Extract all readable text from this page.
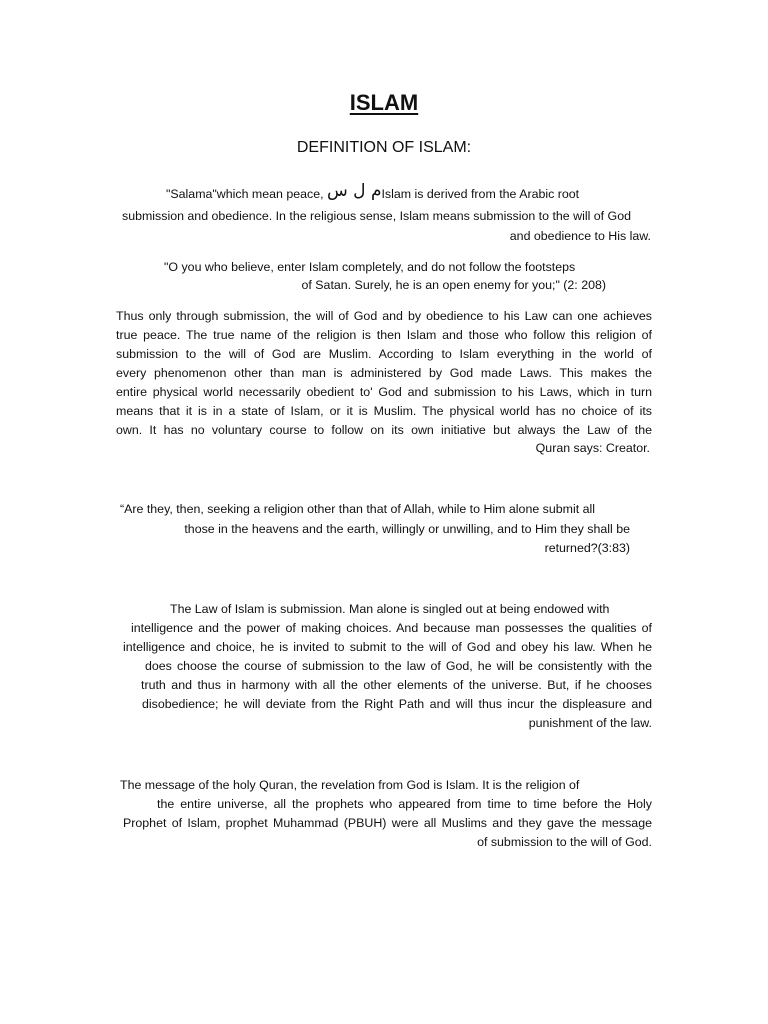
ISLAM
DEFINITION OF ISLAM:
"Salama"which mean peace, م ل سIslam is derived from the Arabic root
submission and obedience. In the religious sense, Islam means submission to the will of God
and obedience to His law.
"O you who believe, enter Islam completely, and do not follow the footsteps
of Satan. Surely, he is an open enemy for you;" (2: 208)
Thus only through submission, the will of God and by obedience to his Law can one achieves
true peace. The true name of the religion is then Islam and those who follow this religion of
submission to the will of God are Muslim. According to Islam everything in the world of
every phenomenon other than man is administered by God made Laws. This makes the
entire physical world necessarily obedient to' God and submission to his Laws, which in turn
means that it is in a state of Islam, or it is Muslim. The physical world has no choice of its
own. It has no voluntary course to follow on its own initiative but always the Law of the
Quran says: Creator.
“Are they, then, seeking a religion other than that of Allah, while to Him alone submit all
those in the heavens and the earth, willingly or unwilling, and to Him they shall be
returned?(3:83)
The Law of Islam is submission. Man alone is singled out at being endowed with
intelligence and the power of making choices. And because man possesses the qualities of
intelligence and choice, he is invited to submit to the will of God and obey his law. When he
does choose the course of submission to the law of God, he will be consistently with the
truth and thus in harmony with all the other elements of the universe. But, if he chooses
disobedience; he will deviate from the Right Path and will thus incur the displeasure and
punishment of the law.
The message of the holy Quran, the revelation from God is Islam. It is the religion of
the entire universe, all the prophets who appeared from time to time before the Holy
Prophet of Islam, prophet Muhammad (PBUH) were all Muslims and they gave the message
of submission to the will of God.
